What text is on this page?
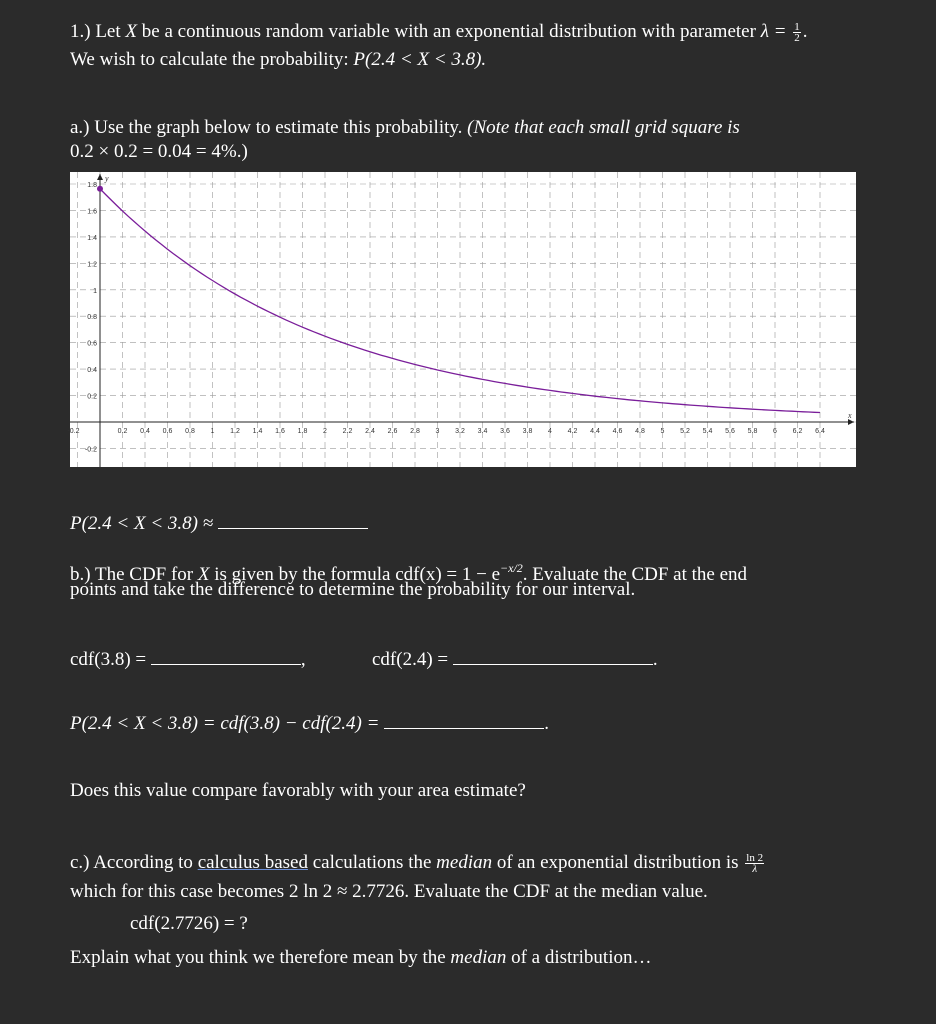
1.) Let X be a continuous random variable with an exponential distribution with parameter $\lambda = \frac{1}{2}$ .
We wish to calculate the probability: P(2.4 < X < 3.8).
a.) Use the graph below to estimate this probability. (Note that each small grid square is
0.2 × 0.2 = 0.04 = 4%.)
-0.2	0.2 0.4 0.6 0.8 1 1.2 1.4 1.6 1.8 2 2.2 2.4 2.6 2.8 3 3.2 3.4 3.6 3.8 4 4.2 4.4 4.6 4.8 5 5.2 5.4 5.6 5.8 6 6.2 6.4
1.8
1.6
1.4
1.2
1
0.8
0.6
0.4
0.2
-0.2
y
x
P(2.4 < X < 3.8) ≈
b.) The CDF for X is given by the formula $cdf(x) = 1 - e^{-x/2}$. Evaluate the CDF at the end
points and take the difference to determine the probability for our interval.
cdf(3.8) =	,	cdf(2.4) =	.
P(2.4 < X < 3.8) = cdf(3.8) − cdf(2.4) =	.
Does this value compare favorably with your area estimate?
c.) According to calculus based calculations the median of an exponential distribution is $\frac{\ln 2}{\lambda}$
which for this case becomes 2 ln 2 ≈ 2.7726. Evaluate the CDF at the median value.
cdf(2.7726) = ?
Explain what you think we therefore mean by the median of a distribution…
